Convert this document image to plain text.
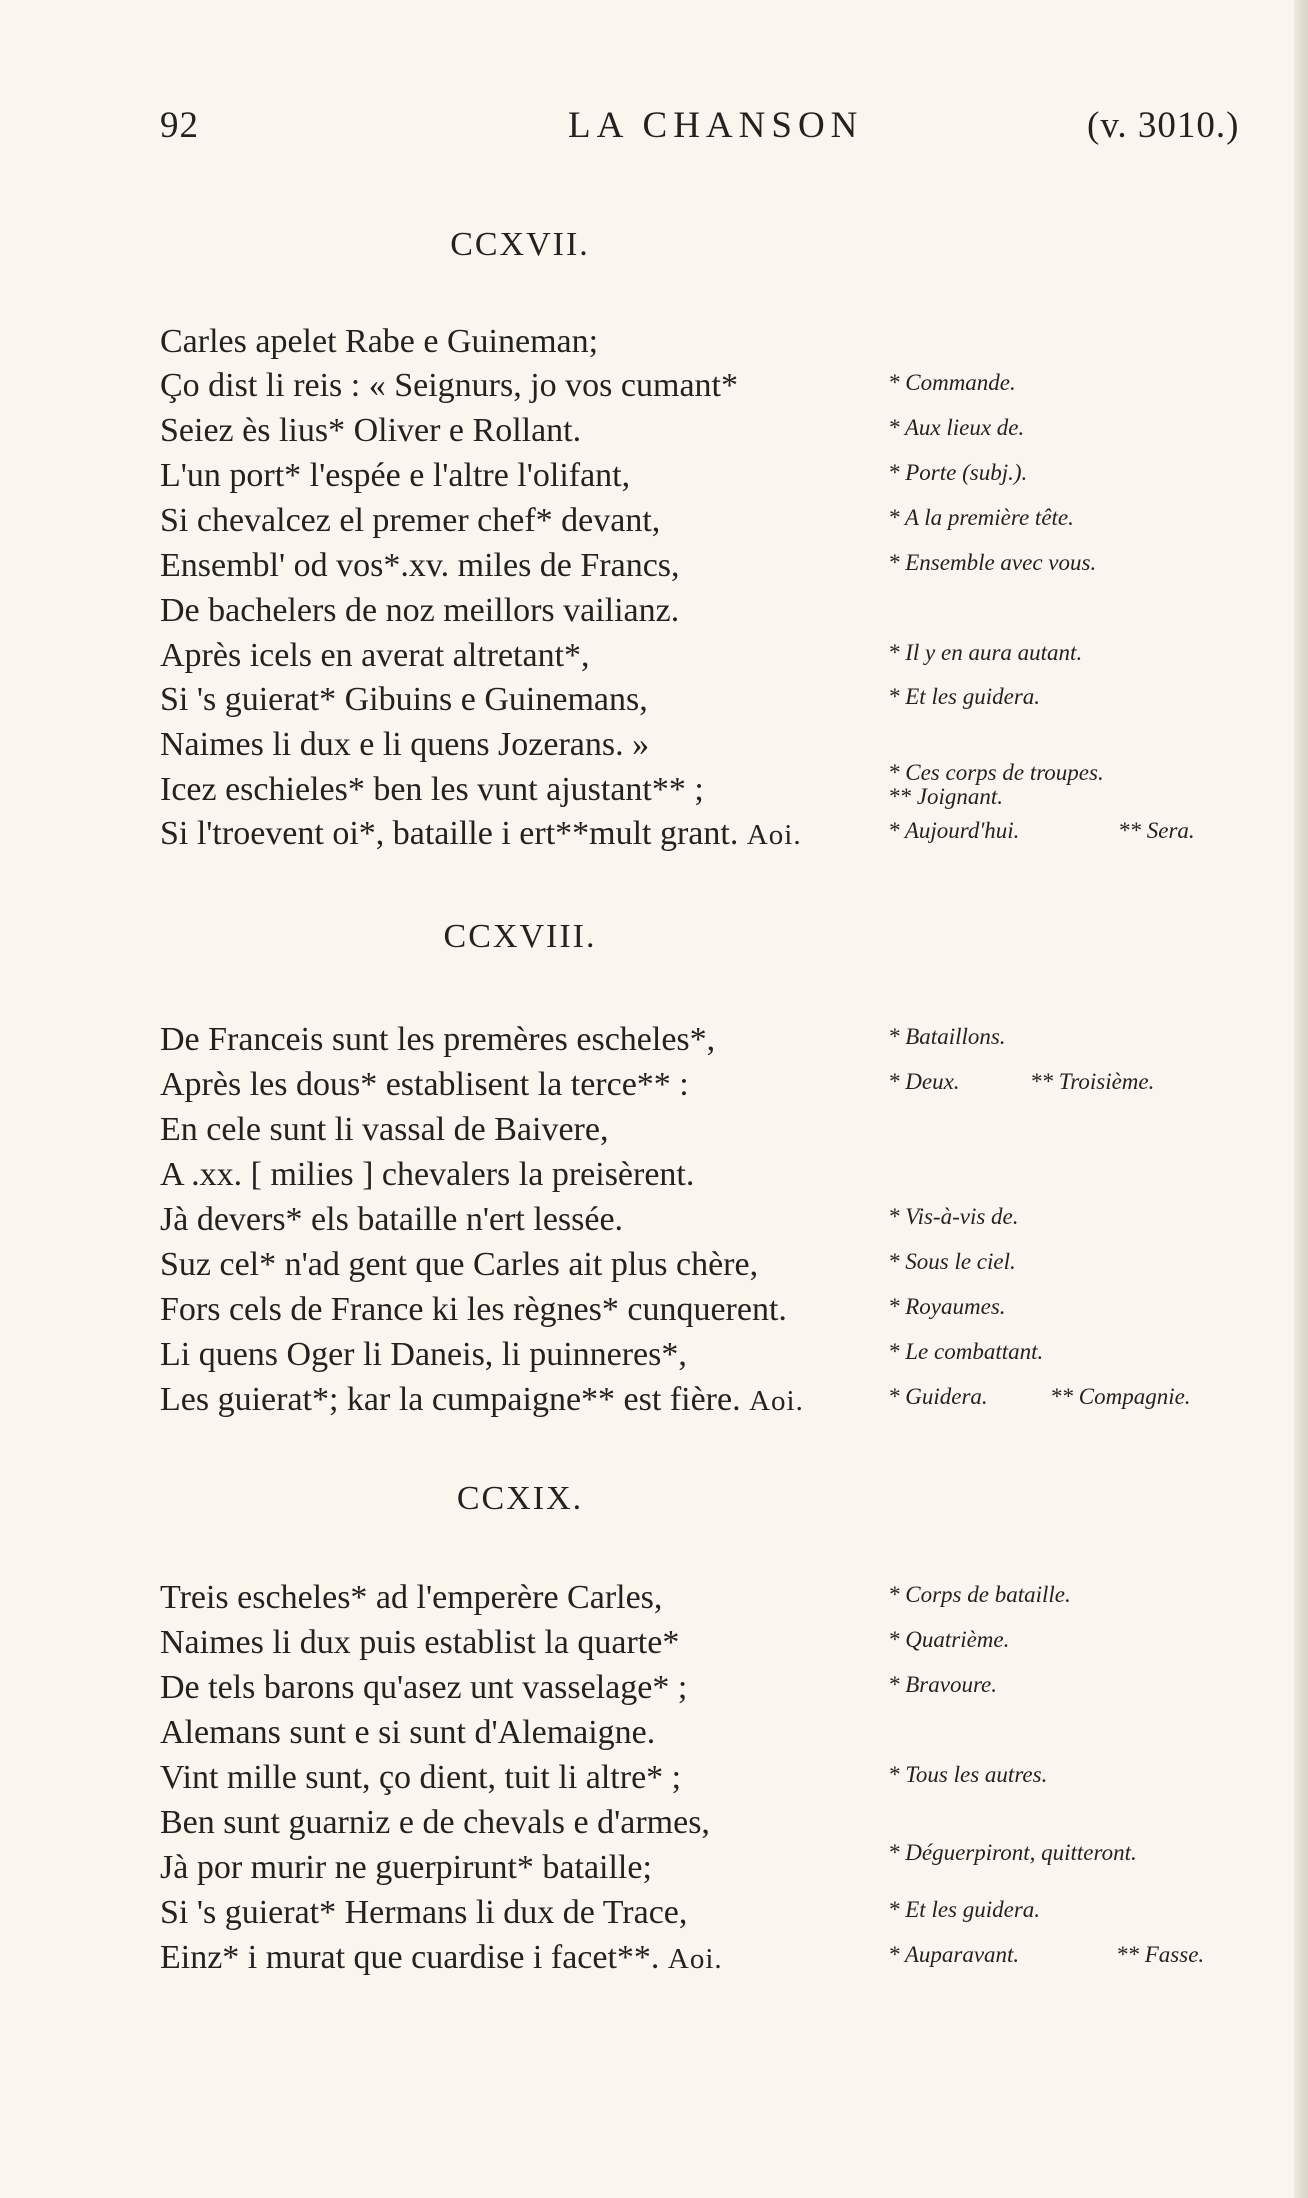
92	LA CHANSON	(v. 3010.)
CCXVII.
Carles apelet Rabe e Guineman;
Ço dist li reis : « Seignurs, jo vos cumant*
Seiez ès lius* Oliver e Rollant.
L'un port* l'espée e l'altre l'olifant,
Si chevalcez el premer chef* devant,
Ensembl' od vos*.xv. miles de Francs,
De bachelers de noz meillors vailianz.
Après icels en averat altretant*,
Si 's guierat* Gibuins e Guinemans,
Naimes li dux e li quens Jozerans. »
Icez eschieles* ben les vunt ajustant** ;
Si l'troevent oi*, bataille i ert**mult grant. Aoi.
* Commande.
* Aux lieux de.
* Porte (subj.).
* A la première tête.
* Ensemble avec vous.
* Il y en aura autant.
* Et les guidera.
* Ces corps de troupes.
** Joignant.
* Aujourd'hui.	** Sera.
CCXVIII.
De Franceis sunt les premères escheles*,
Après les dous* establisent la terce** :
En cele sunt li vassal de Baivere,
A .xx. [ milies ] chevalers la preisèrent.
Jà devers* els bataille n'ert lessée.
Suz cel* n'ad gent que Carles ait plus chère,
Fors cels de France ki les règnes* cunquerent.
Li quens Oger li Daneis, li puinneres*,
Les guierat*; kar la cumpaigne** est fière. Aoi.
* Bataillons.
* Deux.	** Troisième.
* Vis-à-vis de.
* Sous le ciel.
* Royaumes.
* Le combattant.
* Guidera.	** Compagnie.
CCXIX.
Treis escheles* ad l'emperère Carles,
Naimes li dux puis establist la quarte*
De tels barons qu'asez unt vasselage* ;
Alemans sunt e si sunt d'Alemaigne.
Vint mille sunt, ço dient, tuit li altre* ;
Ben sunt guarniz e de chevals e d'armes,
Jà por murir ne guerpirunt* bataille;
Si 's guierat* Hermans li dux de Trace,
Einz* i murat que cuardise i facet**. Aoi.
* Corps de bataille.
* Quatrième.
* Bravoure.
* Tous les autres.
* Déguerpiront, quitteront.
* Et les guidera.
* Auparavant.	** Fasse.
